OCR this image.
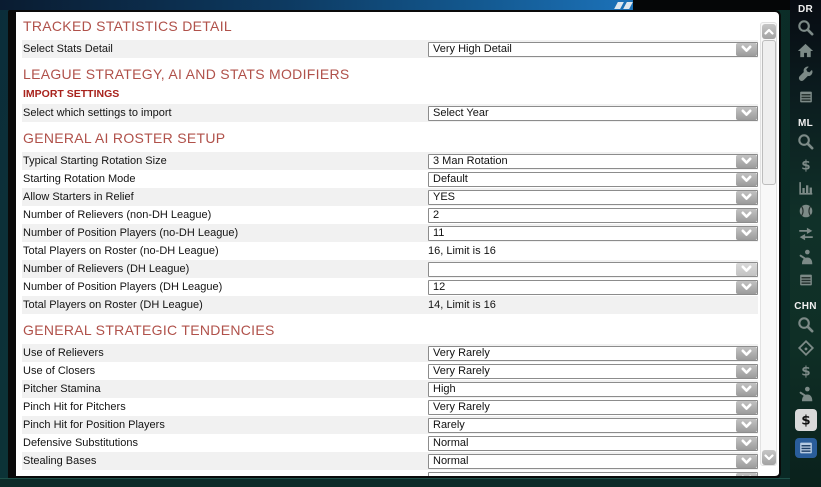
TRACKED STATISTICS DETAIL
Select Stats Detail	Very High Detail
LEAGUE STRATEGY, AI AND STATS MODIFIERS
IMPORT SETTINGS
Select which settings to import	Select Year
GENERAL AI ROSTER SETUP
Typical Starting Rotation Size	3 Man Rotation
Starting Rotation Mode	Default
Allow Starters in Relief	YES
Number of Relievers (non-DH League)	2
Number of Position Players (no-DH League)	11
Total Players on Roster (no-DH League)	16, Limit is 16
Number of Relievers (DH League)
Number of Position Players (DH League)	12
Total Players on Roster (DH League)	14, Limit is 16
GENERAL STRATEGIC TENDENCIES
Use of Relievers	Very Rarely
Use of Closers	Very Rarely
Pitcher Stamina	High
Pinch Hit for Pitchers	Very Rarely
Pinch Hit for Position Players	Rarely
Defensive Substitutions	Normal
Stealing Bases	Normal
DR
ML
$
CHN
$
$
